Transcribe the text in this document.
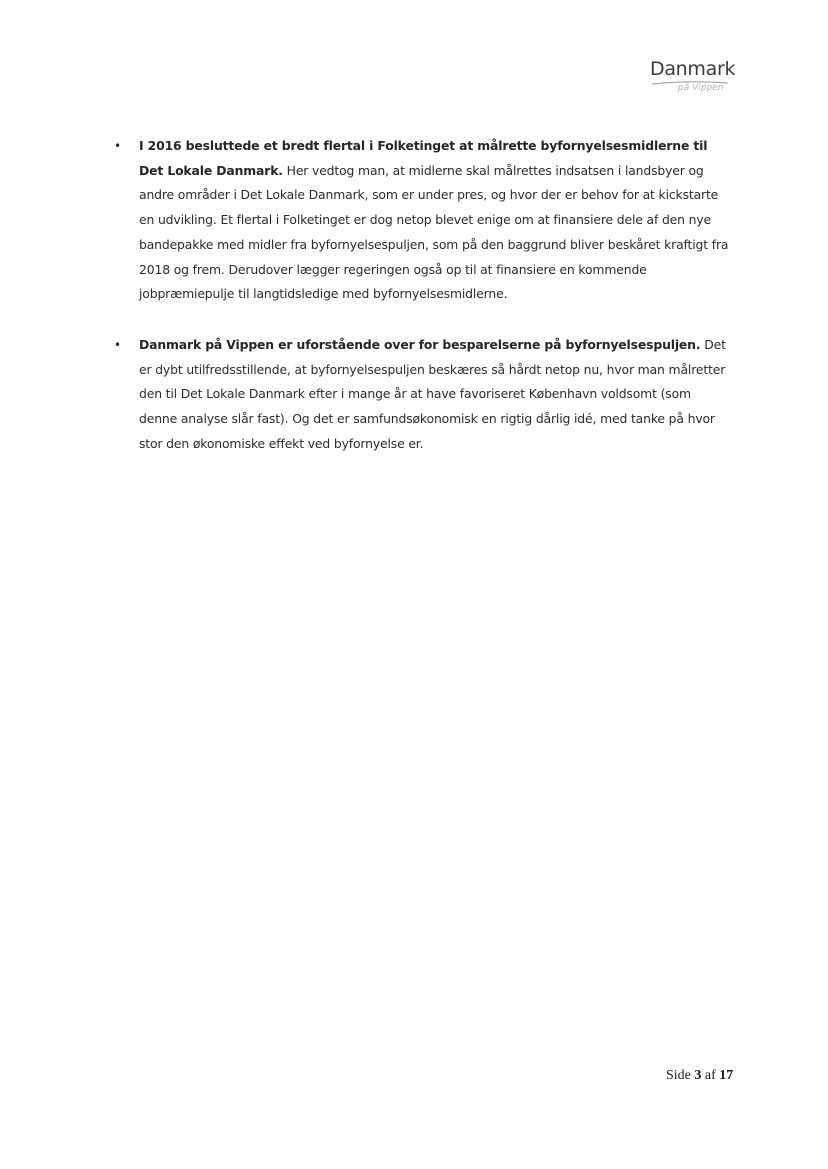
Danmark
på Vippen
• I 2016 besluttede et bredt flertal i Folketinget at målrette byfornyelsesmidlerne til Det Lokale Danmark. Her vedtog man, at midlerne skal målrettes indsatsen i landsbyer og andre områder i Det Lokale Danmark, som er under pres, og hvor der er behov for at kickstarte en udvikling. Et flertal i Folketinget er dog netop blevet enige om at finansiere dele af den nye bandepakke med midler fra byfornyelsespuljen, som på den baggrund bliver beskåret kraftigt fra 2018 og frem. Derudover lægger regeringen også op til at finansiere en kommende jobpræmiepulje til langtidsledige med byfornyelsesmidlerne.
• Danmark på Vippen er uforstående over for besparelserne på byfornyelsespuljen. Det er dybt utilfredsstillende, at byfornyelsespuljen beskæres så hårdt netop nu, hvor man målretter den til Det Lokale Danmark efter i mange år at have favoriseret København voldsomt (som denne analyse slår fast). Og det er samfundsøkonomisk en rigtig dårlig idé, med tanke på hvor stor den økonomiske effekt ved byfornyelse er.
Side 3 af 17
